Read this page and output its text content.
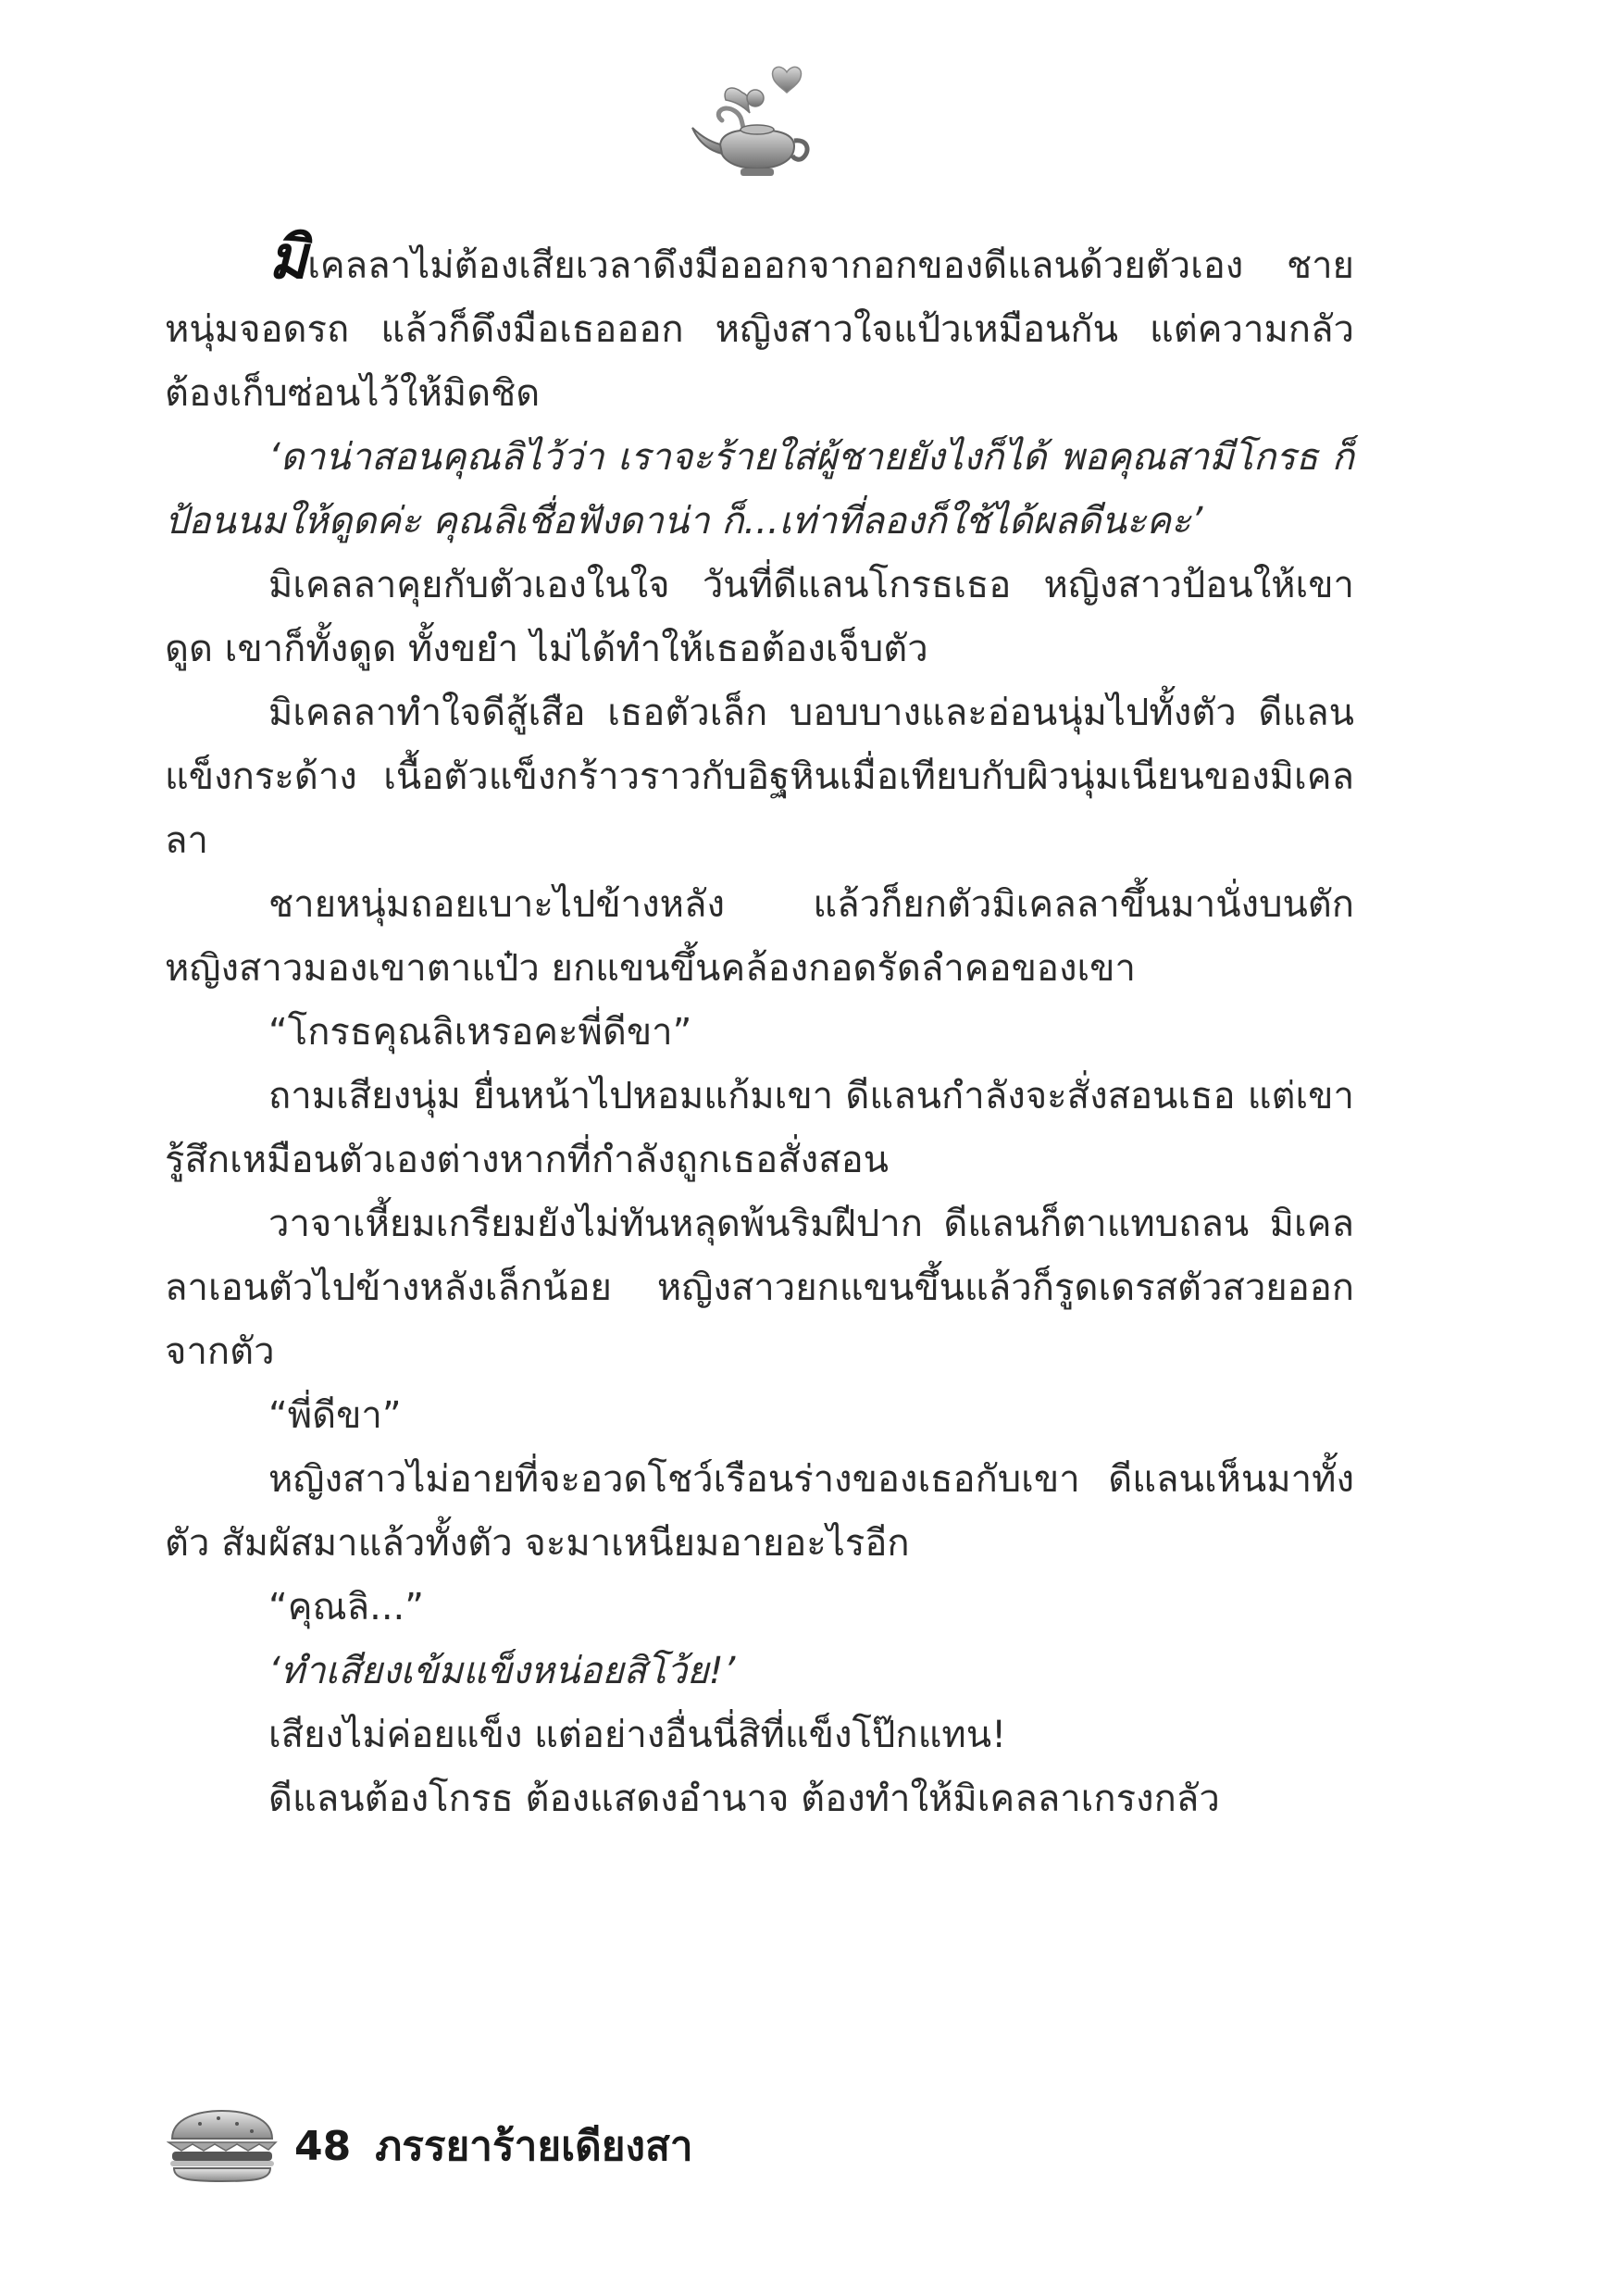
มิเคลลาไม่ต้องเสียเวลาดึงมือออกจากอกของดีแลนด้วยตัวเอง ชายหนุ่มจอดรถ แล้วก็ดึงมือเธอออก หญิงสาวใจแป้วเหมือนกัน แต่ความกลัวต้องเก็บซ่อนไว้ให้มิดชิด

‘ดาน่าสอนคุณลิไว้ว่า เราจะร้ายใส่ผู้ชายยังไงก็ได้ พอคุณสามีโกรธ ก็ป้อนนมให้ดูดค่ะ คุณลิเชื่อฟังดาน่า ก็...เท่าที่ลองก็ใช้ได้ผลดีนะคะ’

มิเคลลาคุยกับตัวเองในใจ วันที่ดีแลนโกรธเธอ หญิงสาวป้อนให้เขาดูด เขาก็ทั้งดูด ทั้งขยำ ไม่ได้ทำให้เธอต้องเจ็บตัว

มิเคลลาทำใจดีสู้เสือ เธอตัวเล็ก บอบบางและอ่อนนุ่มไปทั้งตัว ดีแลนแข็งกระด้าง เนื้อตัวแข็งกร้าวราวกับอิฐหินเมื่อเทียบกับผิวนุ่มเนียนของมิเคลลา

ชายหนุ่มถอยเบาะไปข้างหลัง แล้วก็ยกตัวมิเคลลาขึ้นมานั่งบนตัก หญิงสาวมองเขาตาแป๋ว ยกแขนขึ้นคล้องกอดรัดลำคอของเขา

“โกรธคุณลิเหรอคะพี่ดีขา”

ถามเสียงนุ่ม ยื่นหน้าไปหอมแก้มเขา ดีแลนกำลังจะสั่งสอนเธอ แต่เขารู้สึกเหมือนตัวเองต่างหากที่กำลังถูกเธอสั่งสอน

วาจาเหี้ยมเกรียมยังไม่ทันหลุดพ้นริมฝีปาก ดีแลนก็ตาแทบถลน มิเคลลาเอนตัวไปข้างหลังเล็กน้อย หญิงสาวยกแขนขึ้นแล้วก็รูดเดรสตัวสวยออกจากตัว

“พี่ดีขา”

หญิงสาวไม่อายที่จะอวดโชว์เรือนร่างของเธอกับเขา ดีแลนเห็นมาทั้งตัว สัมผัสมาแล้วทั้งตัว จะมาเหนียมอายอะไรอีก

“คุณลิ...”

‘ทำเสียงเข้มแข็งหน่อยสิโว้ย!’

เสียงไม่ค่อยแข็ง แต่อย่างอื่นนี่สิที่แข็งโป๊กแทน!

ดีแลนต้องโกรธ ต้องแสดงอำนาจ ต้องทำให้มิเคลลาเกรงกลัว

48 ภรรยาร้ายเดียงสา
